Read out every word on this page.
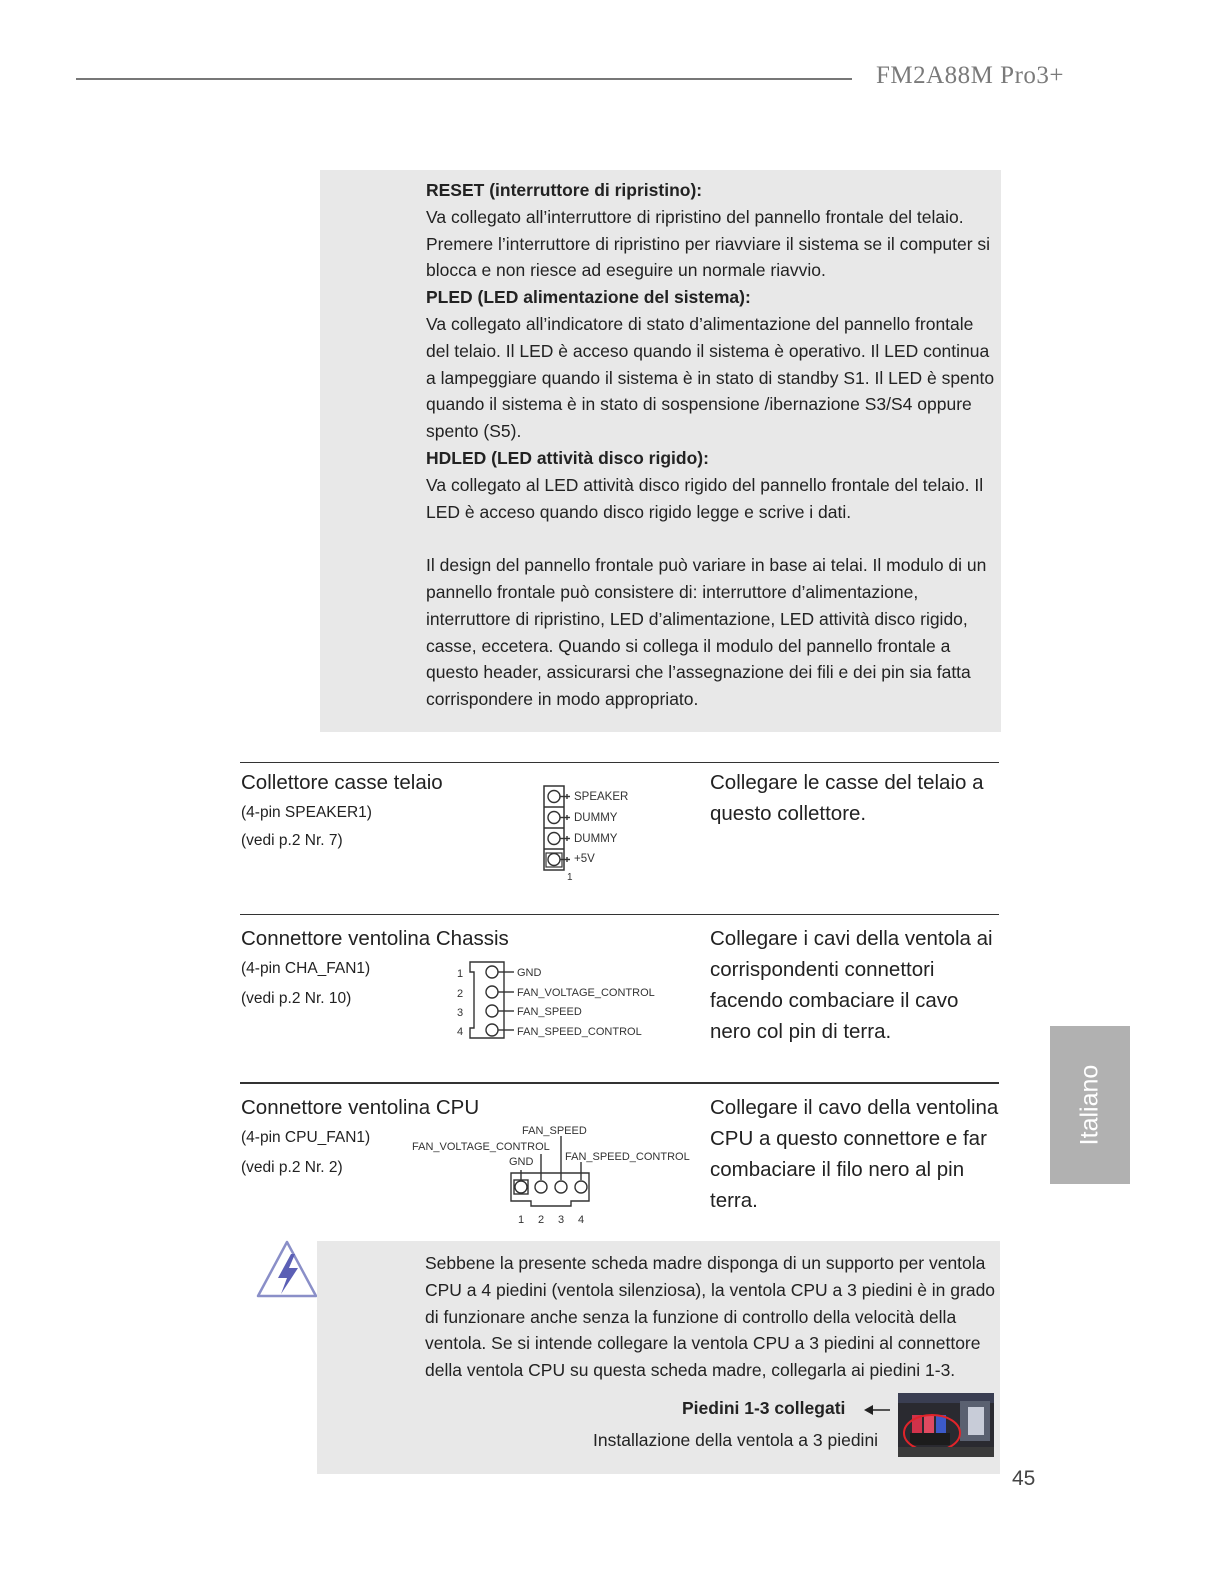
FM2A88M Pro3+
RESET (interruttore di ripristino):
Va collegato all’interruttore di ripristino del pannello frontale del telaio. Premere l’interruttore di ripristino per riavviare il sistema se il computer si blocca e non riesce ad eseguire un normale riavvio.
PLED (LED alimentazione del sistema):
Va collegato all’indicatore di stato d’alimentazione del pannello frontale del telaio. Il LED è acceso quando il sistema è operativo. Il LED continua a lampeggiare quando il sistema è in stato di standby S1. Il LED è spento quando il sistema è in stato di sospensione /ibernazione S3/S4 oppure spento (S5).
HDLED (LED attività disco rigido):
Va collegato al LED attività disco rigido del pannello frontale del telaio. Il LED è acceso quando disco rigido legge e scrive i dati.
Il design del pannello frontale può variare in base ai telai. Il modulo di un pannello frontale può consistere di: interruttore d’alimentazione, interruttore di ripristino, LED d’alimentazione, LED attività disco rigido, casse, eccetera. Quando si collega il modulo del pannello frontale a questo header, assicurarsi che l’assegnazione dei fili e dei pin sia fatta corrispondere in modo appropriato.
Collettore casse telaio
(4-pin SPEAKER1)
(vedi p.2 Nr. 7)
SPEAKER
DUMMY
DUMMY
+5V
1
Collegare le casse del telaio a questo collettore.
Connettore ventolina Chassis
(4-pin CHA_FAN1)
(vedi p.2 Nr. 10)
1
2
3
4
GND
FAN_VOLTAGE_CONTROL
FAN_SPEED
FAN_SPEED_CONTROL
Collegare i cavi della ventola ai corrispondenti connettori facendo combaciare il cavo nero col pin di terra.
Connettore ventolina CPU
(4-pin CPU_FAN1)
(vedi p.2 Nr. 2)
FAN_SPEED
FAN_VOLTAGE_CONTROL
GND	FAN_SPEED_CONTROL
1 2 3 4
Collegare il cavo della ventolina CPU a questo connettore e far combaciare il filo nero al pin terra.
Sebbene la presente scheda madre disponga di un supporto per ventola CPU a 4 piedini (ventola silenziosa), la ventola CPU a 3 piedini è in grado di funzionare anche senza la funzione di controllo della velocità della ventola. Se si intende collegare la ventola CPU a 3 piedini al connettore della ventola CPU su questa scheda madre, collegarla ai piedini 1-3.
Piedini 1-3 collegati
Installazione della ventola a 3 piedini
Italiano
45
